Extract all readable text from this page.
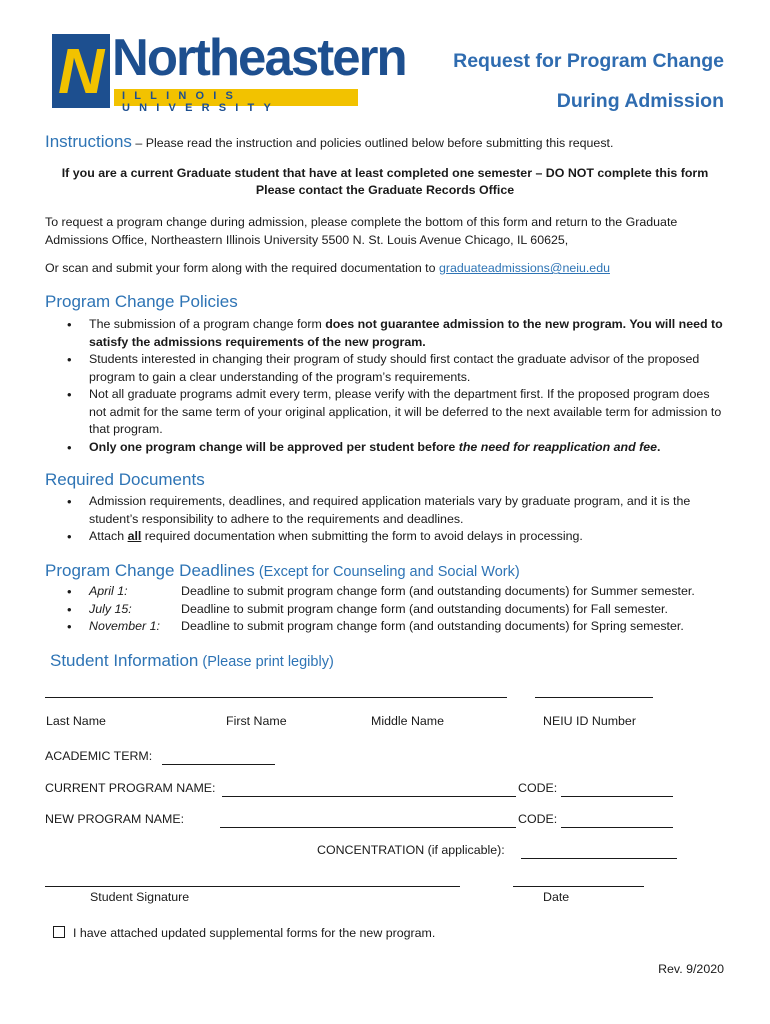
N Northeastern
ILLINOIS UNIVERSITY
Request for Program Change
During Admission
Instructions – Please read the instruction and policies outlined below before submitting this request.
If you are a current Graduate student that have at least completed one semester – DO NOT complete this form
Please contact the Graduate Records Office
To request a program change during admission, please complete the bottom of this form and return to the Graduate Admissions Office, Northeastern Illinois University 5500 N. St. Louis Avenue Chicago, IL 60625,
Or scan and submit your form along with the required documentation to graduateadmissions@neiu.edu
Program Change Policies
• The submission of a program change form does not guarantee admission to the new program. You will need to satisfy the admissions requirements of the new program.
• Students interested in changing their program of study should first contact the graduate advisor of the proposed program to gain a clear understanding of the program’s requirements.
• Not all graduate programs admit every term, please verify with the department first. If the proposed program does not admit for the same term of your original application, it will be deferred to the next available term for admission to that program.
• Only one program change will be approved per student before the need for reapplication and fee.
Required Documents
• Admission requirements, deadlines, and required application materials vary by graduate program, and it is the student’s responsibility to adhere to the requirements and deadlines.
• Attach all required documentation when submitting the form to avoid delays in processing.
Program Change Deadlines (Except for Counseling and Social Work)
• April 1:	Deadline to submit program change form (and outstanding documents) for Summer semester.
• July 15:	Deadline to submit program change form (and outstanding documents) for Fall semester.
• November 1: Deadline to submit program change form (and outstanding documents) for Spring semester.
Student Information (Please print legibly)
Last Name	First Name	Middle Name	NEIU ID Number
ACADEMIC TERM:
CURRENT PROGRAM NAME:	CODE:
NEW PROGRAM NAME:	CODE:
CONCENTRATION (if applicable):
Student Signature	Date
I have attached updated supplemental forms for the new program.
Rev. 9/2020
